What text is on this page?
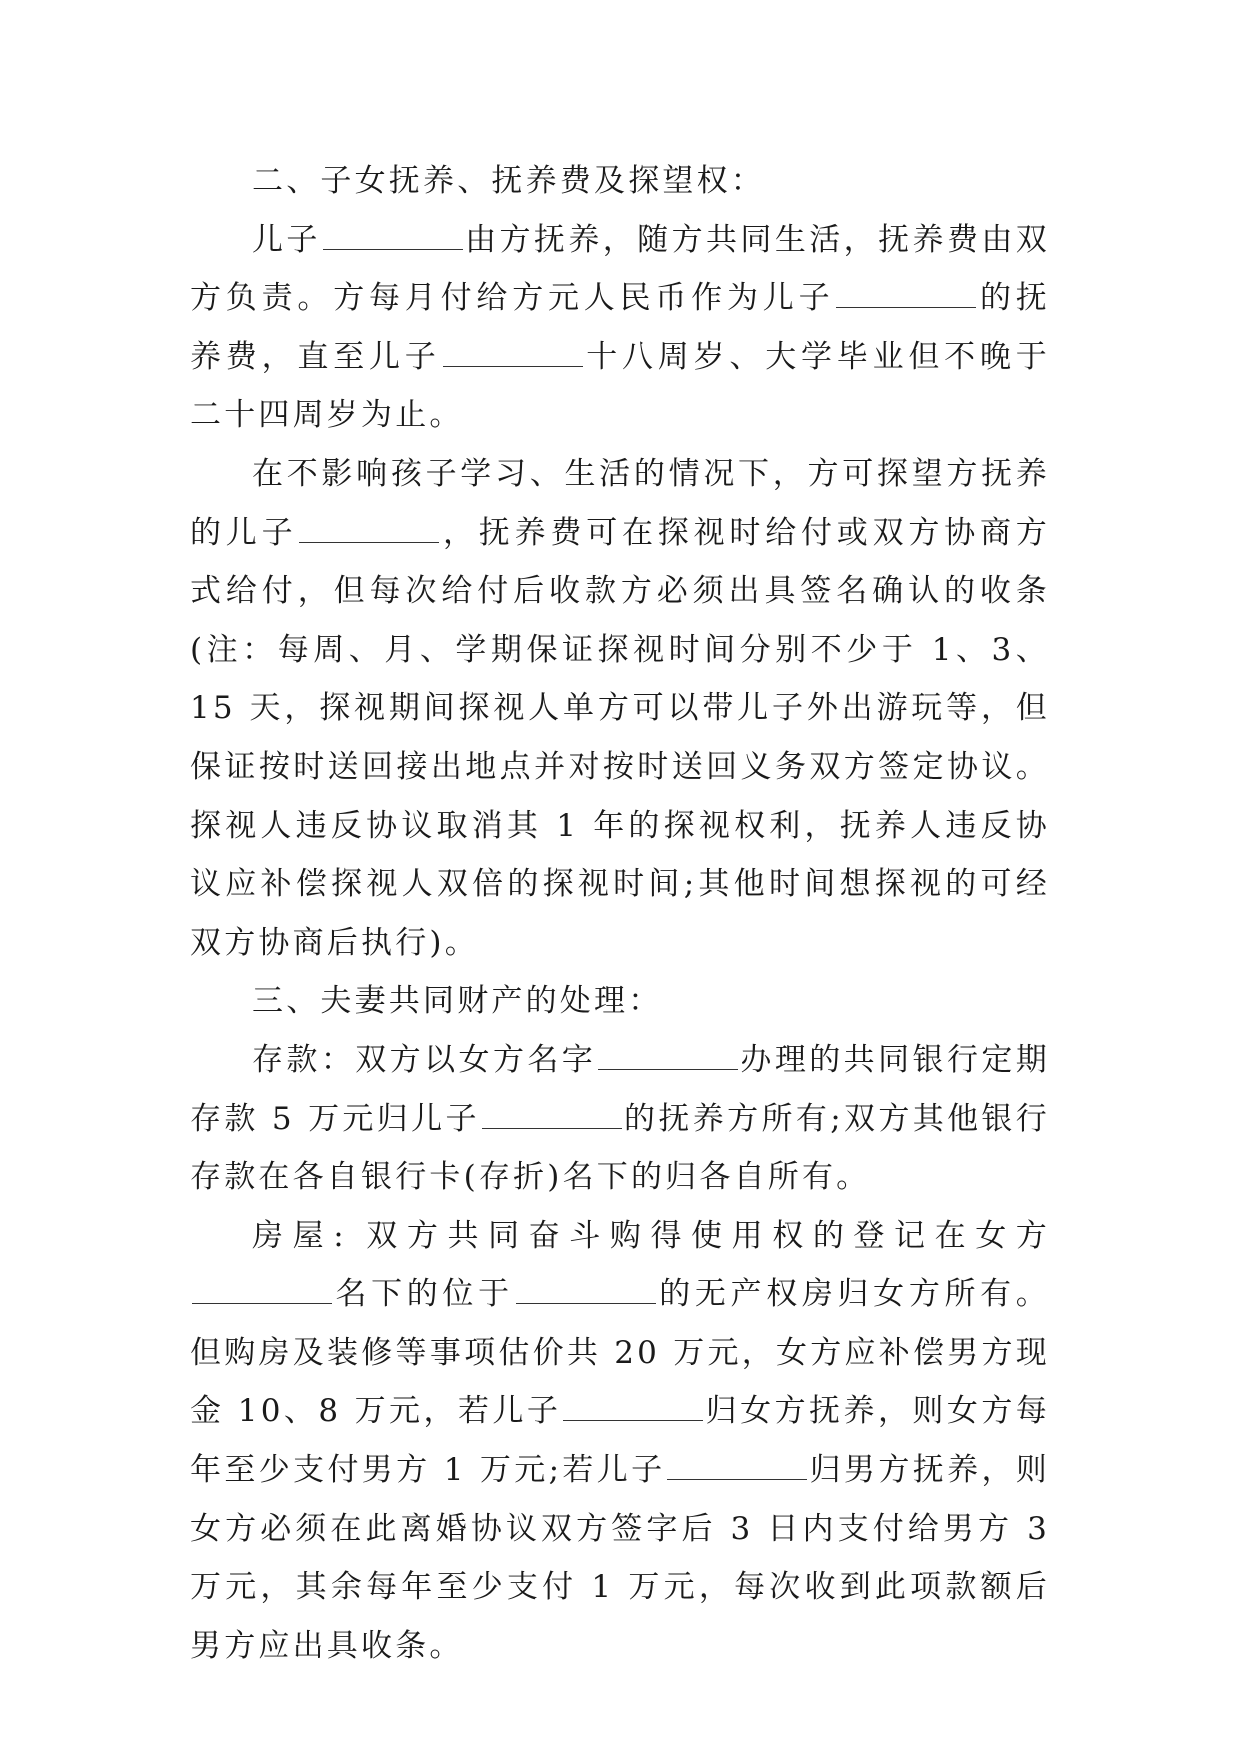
二、子女抚养、抚养费及探望权：

儿子	由方抚养，随方共同生活，抚养费由双方负责。方每月付给方元人民币作为儿子	的抚养费，直至儿子	十八周岁、大学毕业但不晚于二十四周岁为止。

在不影响孩子学习、生活的情况下，方可探望方抚养的儿子	，抚养费可在探视时给付或双方协商方式给付，但每次给付后收款方必须出具签名确认的收条(注：每周、月、学期保证探视时间分别不少于 1、3、15 天，探视期间探视人单方可以带儿子外出游玩等，但保证按时送回接出地点并对按时送回义务双方签定协议。探视人违反协议取消其 1 年的探视权利，抚养人违反协议应补偿探视人双倍的探视时间;其他时间想探视的可经双方协商后执行)。

三、夫妻共同财产的处理：

存款：双方以女方名字	办理的共同银行定期存款 5 万元归儿子	的抚养方所有;双方其他银行存款在各自银行卡(存折)名下的归各自所有。

房屋: 双方共同奋斗购得使用权的登记在女方名下的位于	的无产权房归女方所有。但购房及装修等事项估价共 20 万元，女方应补偿男方现金 10、8 万元，若儿子	归女方抚养，则女方每年至少支付男方 1 万元;若儿子	归男方抚养，则女方必须在此离婚协议双方签字后 3 日内支付给男方 3 万元，其余每年至少支付 1 万元，每次收到此项款额后男方应出具收条。
